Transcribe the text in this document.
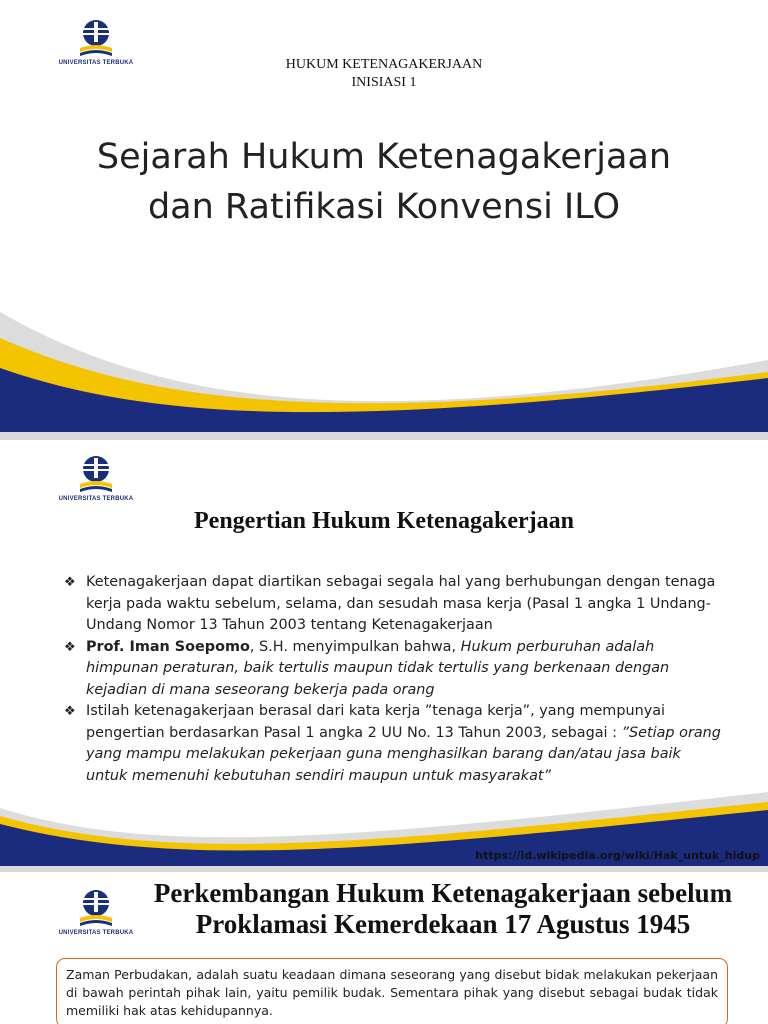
UNIVERSITAS TERBUKA	HUKUM KETENAGAKERJAAN
INISIASI 1
Sejarah Hukum Ketenagakerjaan
dan Ratifikasi Konvensi ILO
UNIVERSITAS TERBUKA
Pengertian Hukum Ketenagakerjaan
❖ Ketenagakerjaan dapat diartikan sebagai segala hal yang berhubungan dengan tenaga kerja pada waktu sebelum, selama, dan sesudah masa kerja (Pasal 1 angka 1 Undang-Undang Nomor 13 Tahun 2003 tentang Ketenagakerjaan
❖ Prof. Iman Soepomo, S.H. menyimpulkan bahwa, Hukum perburuhan adalah himpunan peraturan, baik tertulis maupun tidak tertulis yang berkenaan dengan kejadian di mana seseorang bekerja pada orang
❖ Istilah ketenagakerjaan berasal dari kata kerja ”tenaga kerja”, yang mempunyai pengertian berdasarkan Pasal 1 angka 2 UU No. 13 Tahun 2003, sebagai : ”Setiap orang yang mampu melakukan pekerjaan guna menghasilkan barang dan/atau jasa baik untuk memenuhi kebutuhan sendiri maupun untuk masyarakat”
https://id.wikipedia.org/wiki/Hak_untuk_hidup
UNIVERSITAS TERBUKA
Perkembangan Hukum Ketenagakerjaan sebelum
Proklamasi Kemerdekaan 17 Agustus 1945
Zaman Perbudakan, adalah suatu keadaan dimana seseorang yang disebut bidak melakukan pekerjaan di bawah perintah pihak lain, yaitu pemilik budak. Sementara pihak yang disebut sebagai budak tidak memiliki hak atas kehidupannya.
